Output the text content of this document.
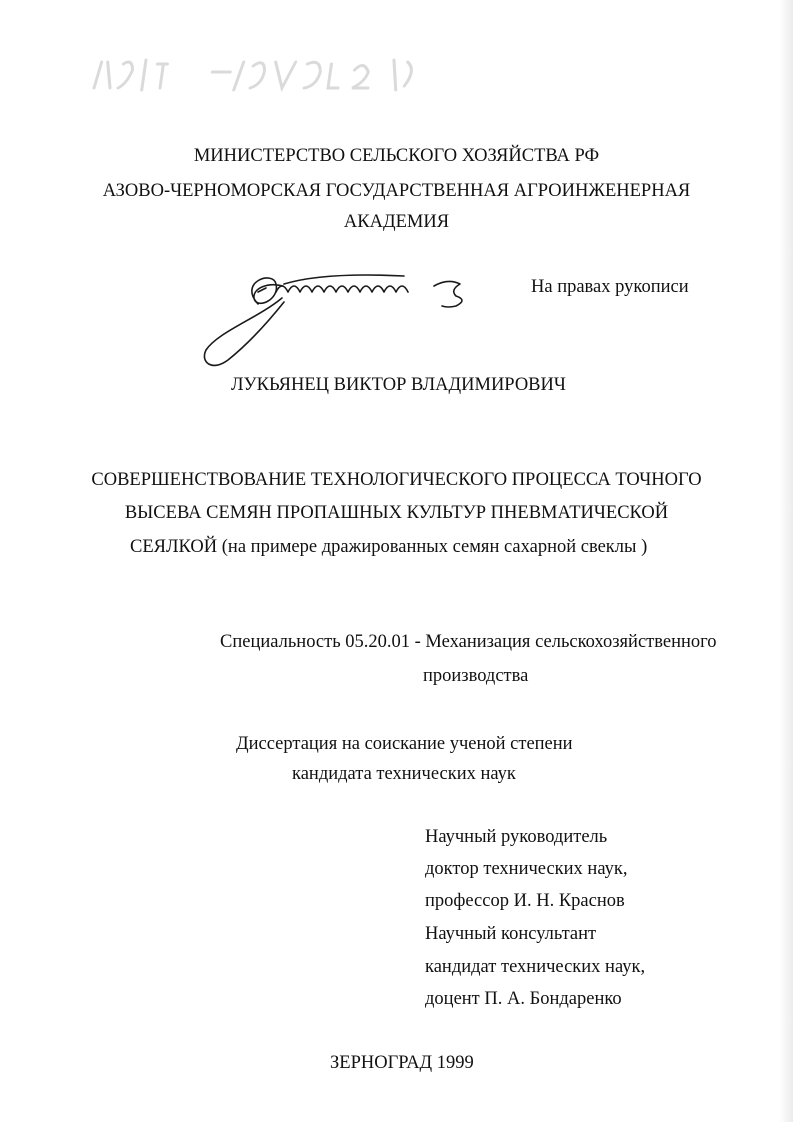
МИНИСТЕРСТВО СЕЛЬСКОГО ХОЗЯЙСТВА РФ
АЗОВО-ЧЕРНОМОРСКАЯ ГОСУДАРСТВЕННАЯ АГРОИНЖЕНЕРНАЯ
АКАДЕМИЯ
На правах рукописи
ЛУКЬЯНЕЦ ВИКТОР ВЛАДИМИРОВИЧ
СОВЕРШЕНСТВОВАНИЕ ТЕХНОЛОГИЧЕСКОГО ПРОЦЕССА ТОЧНОГО
ВЫСЕВА СЕМЯН ПРОПАШНЫХ КУЛЬТУР ПНЕВМАТИЧЕСКОЙ
СЕЯЛКОЙ (на примере дражированных семян сахарной свеклы )
Специальность 05.20.01 - Механизация сельскохозяйственного
производства
Диссертация на соискание ученой степени
кандидата технических наук
Научный руководитель
доктор технических наук,
профессор И. Н. Краснов
Научный консультант
кандидат технических наук,
доцент П. А. Бондаренко
ЗЕРНОГРАД 1999
